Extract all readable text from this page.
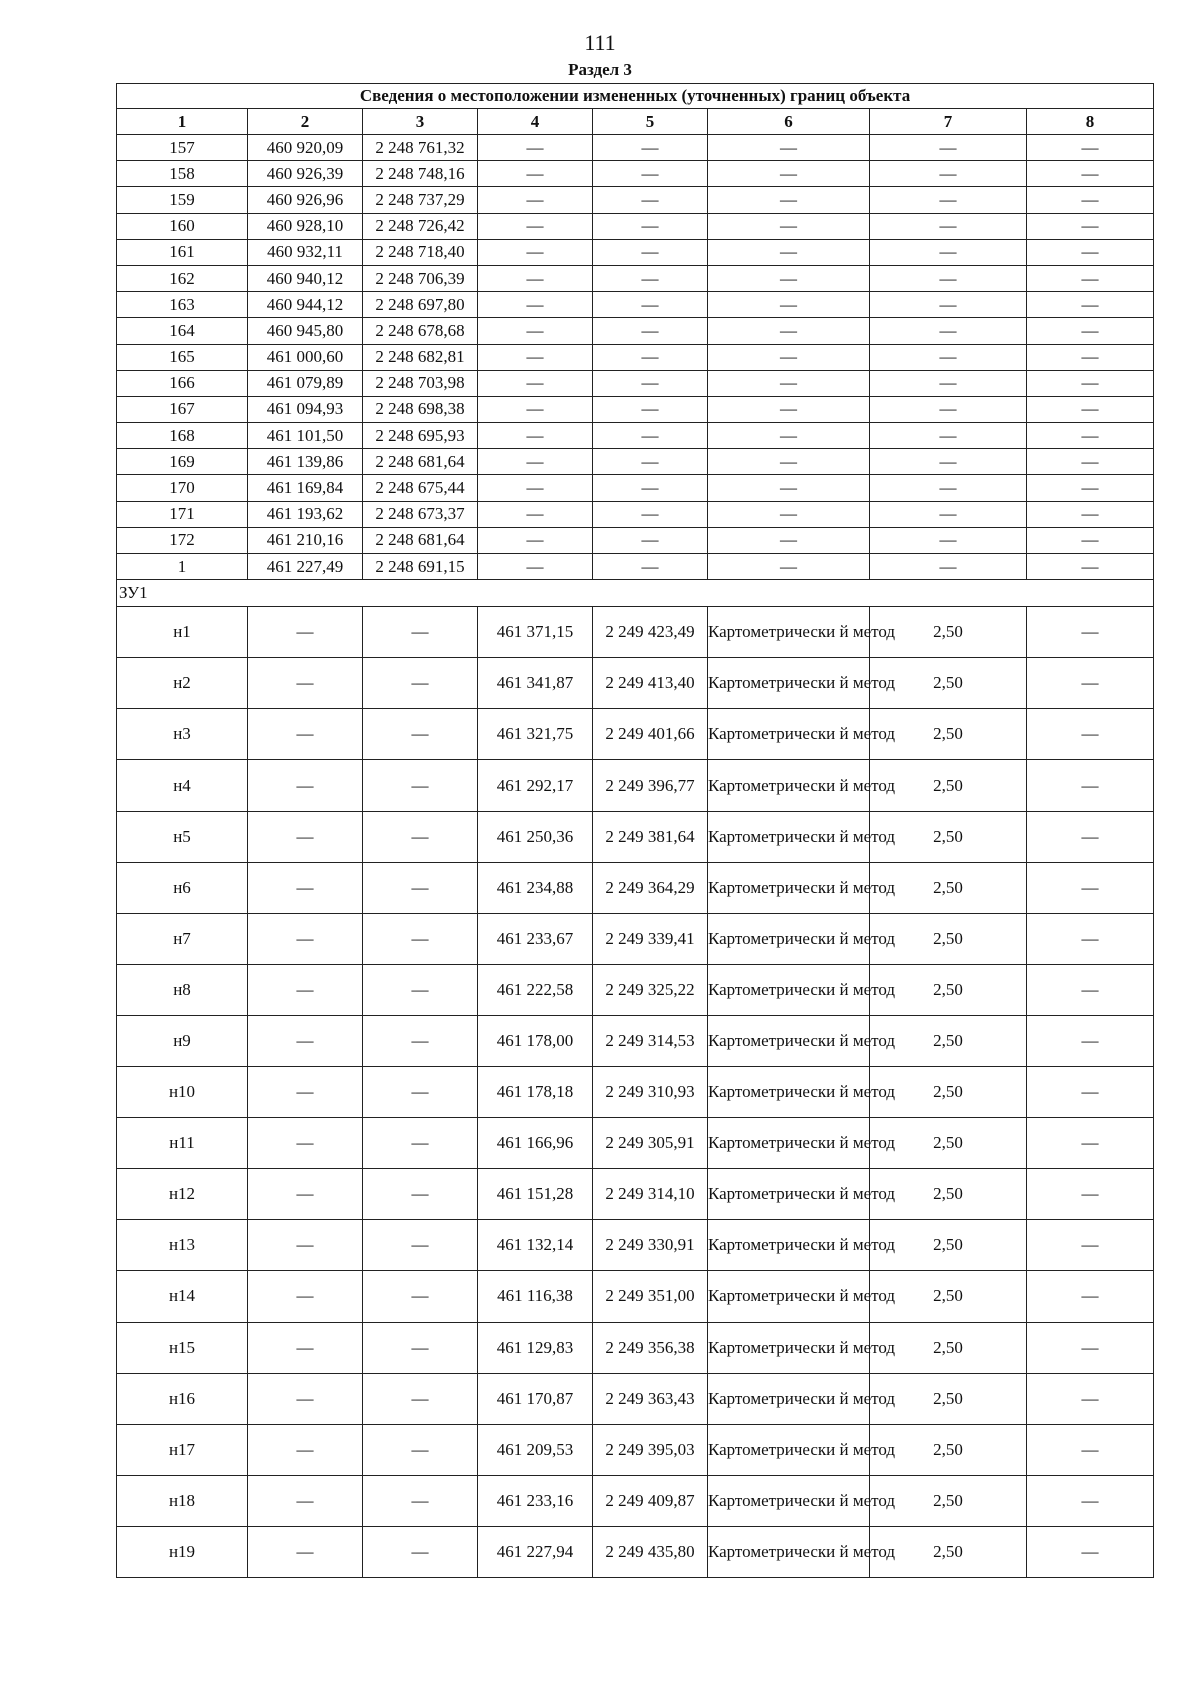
111
Раздел 3
Сведения о местоположении измененных (уточненных) границ объекта							
1	2	3	4	5	6	7	8
157	460 920,09	2 248 761,32	—	—	—	—	—
158	460 926,39	2 248 748,16	—	—	—	—	—
159	460 926,96	2 248 737,29	—	—	—	—	—
160	460 928,10	2 248 726,42	—	—	—	—	—
161	460 932,11	2 248 718,40	—	—	—	—	—
162	460 940,12	2 248 706,39	—	—	—	—	—
163	460 944,12	2 248 697,80	—	—	—	—	—
164	460 945,80	2 248 678,68	—	—	—	—	—
165	461 000,60	2 248 682,81	—	—	—	—	—
166	461 079,89	2 248 703,98	—	—	—	—	—
167	461 094,93	2 248 698,38	—	—	—	—	—
168	461 101,50	2 248 695,93	—	—	—	—	—
169	461 139,86	2 248 681,64	—	—	—	—	—
170	461 169,84	2 248 675,44	—	—	—	—	—
171	461 193,62	2 248 673,37	—	—	—	—	—
172	461 210,16	2 248 681,64	—	—	—	—	—
1	461 227,49	2 248 691,15	—	—	—	—	—
ЗУ1							
н1	—	—	461 371,15	2 249 423,49	Картометрически й метод	2,50	—
н2	—	—	461 341,87	2 249 413,40	Картометрически й метод	2,50	—
н3	—	—	461 321,75	2 249 401,66	Картометрически й метод	2,50	—
н4	—	—	461 292,17	2 249 396,77	Картометрически й метод	2,50	—
н5	—	—	461 250,36	2 249 381,64	Картометрически й метод	2,50	—
н6	—	—	461 234,88	2 249 364,29	Картометрически й метод	2,50	—
н7	—	—	461 233,67	2 249 339,41	Картометрически й метод	2,50	—
н8	—	—	461 222,58	2 249 325,22	Картометрически й метод	2,50	—
н9	—	—	461 178,00	2 249 314,53	Картометрически й метод	2,50	—
н10	—	—	461 178,18	2 249 310,93	Картометрически й метод	2,50	—
н11	—	—	461 166,96	2 249 305,91	Картометрически й метод	2,50	—
н12	—	—	461 151,28	2 249 314,10	Картометрически й метод	2,50	—
н13	—	—	461 132,14	2 249 330,91	Картометрически й метод	2,50	—
н14	—	—	461 116,38	2 249 351,00	Картометрически й метод	2,50	—
н15	—	—	461 129,83	2 249 356,38	Картометрически й метод	2,50	—
н16	—	—	461 170,87	2 249 363,43	Картометрически й метод	2,50	—
н17	—	—	461 209,53	2 249 395,03	Картометрически й метод	2,50	—
н18	—	—	461 233,16	2 249 409,87	Картометрически й метод	2,50	—
н19	—	—	461 227,94	2 249 435,80	Картометрически й метод	2,50	—
